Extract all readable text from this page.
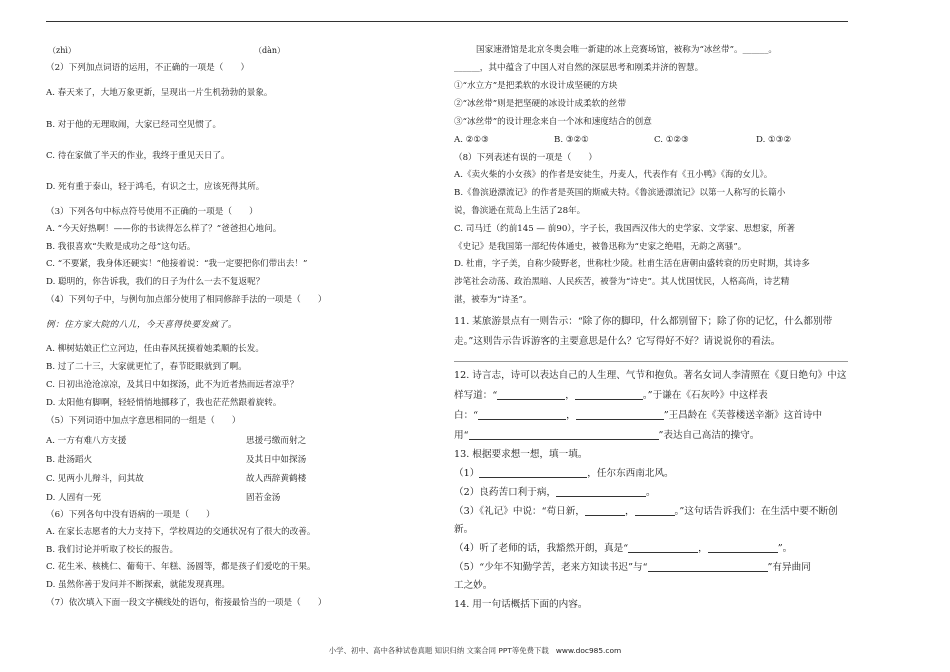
（zhì）	（dàn）
（2）下列加点词语的运用，不正确的一项是（　　）
A. 春天来了，大地万象更新，呈现出一片生机勃勃的景象。
B. 对于他的无理取闹，大家已经司空见惯了。
C. 待在家做了半天的作业，我终于重见天日了。
D. 死有重于泰山，轻于鸿毛，有识之士，应该死得其所。
（3）下列各句中标点符号使用不正确的一项是（　　）
A. “今天好热啊！——你的书读得怎么样了？”爸爸担心地问。
B. 我很喜欢“失败是成功之母”这句话。
C. “不要紧，我身体还硬实！”他接着说：“我一定要把你们带出去！”
D. 聪明的，你告诉我，我们的日子为什么一去不复返呢？
（4）下列句子中，与例句加点部分使用了相同修辞手法的一项是（　　）
例：住方家大院的八儿，今天喜得快要发疯了。
A. 柳树姑娘正伫立河边，任由春风抚摸着她柔顺的长发。
B. 过了二十三，大家就更忙了，春节眨眼就到了啊。
C. 日初出沧沧凉凉，及其日中如探汤，此不为近者热而远者凉乎？
D. 太阳他有脚啊，轻轻悄悄地挪移了，我也茫茫然跟着旋转。
（5）下列词语中加点字意思相同的一组是（　　）
A. 一方有难八方支援	思援弓缴而射之
B. 赴汤蹈火	及其日中如探汤
C. 见两小儿辩斗，问其故	故人西辞黄鹤楼
D. 人固有一死	固若金汤
（6）下列各句中没有语病的一项是（　　）
A. 在家长志愿者的大力支持下，学校周边的交通状况有了很大的改善。
B. 我们讨论并听取了校长的报告。
C. 花生米、核桃仁、葡萄干、年糕、汤圆等，都是孩子们爱吃的干果。
D. 虽然你善于发问并不断探索，就能发现真理。
（7）依次填入下面一段文字横线处的语句，衔接最恰当的一项是（　　）
国家速滑馆是北京冬奥会唯一新建的冰上竞赛场馆，被称为“冰丝带”。______。
______，其中蕴含了中国人对自然的深层思考和刚柔并济的智慧。
①“水立方”是把柔软的水设计成坚硬的方块
②“冰丝带”则是把坚硬的冰设计成柔软的丝带
③“冰丝带”的设计理念来自一个冰和速度结合的创意
A. ②①③	B. ③②①	C. ①②③	D. ①③②
（8）下列表述有误的一项是（　　）
A.《卖火柴的小女孩》的作者是安徒生，丹麦人，代表作有《丑小鸭》《海的女儿》。
B.《鲁滨逊漂流记》的作者是英国的斯威夫特。《鲁滨逊漂流记》以第一人称写的长篇小
说，鲁滨逊在荒岛上生活了28年。
C. 司马迁（约前145 — 前90），字子长，我国西汉伟大的史学家、文学家、思想家，所著
《史记》是我国第一部纪传体通史，被鲁迅称为“史家之绝唱，无韵之离骚”。
D. 杜甫，字子美，自称少陵野老，世称杜少陵。杜甫生活在唐朝由盛转衰的历史时期，其诗多
涉笔社会动荡、政治黑暗、人民疾苦，被誉为“诗史”。其人忧国忧民，人格高尚，诗艺精
湛，被奉为“诗圣”。
11. 某旅游景点有一则告示：“除了你的脚印，什么都别留下；除了你的记忆，什么都别带
走。”这则告示告诉游客的主要意思是什么？它写得好不好？请说说你的看法。
12. 诗言志，诗可以表达自己的人生理、气节和抱负。著名女词人李清照在《夏日绝句》中这
样写道：“	，	。”于谦在《石灰吟》中这样表
白：“	，	”王昌龄在《芙蓉楼送辛渐》这首诗中
用“	”表达自己高洁的操守。
13. 根据要求想一想，填一填。
（1）	，任尔东西南北风。
（2）良药苦口利于病，	。
（3）《礼记》中说：“苟日新，	，	。”这句话告诉我们：在生活中要不断创
新。
（4）听了老师的话，我豁然开朗，真是“	，	”。
（5）“少年不知勤学苦，老来方知读书迟”与“	”有异曲同
工之妙。
14. 用一句话概括下面的内容。
小学、初中、高中各种试卷真题 知识归纳 文案合同 PPT等免费下载 www.doc985.com
